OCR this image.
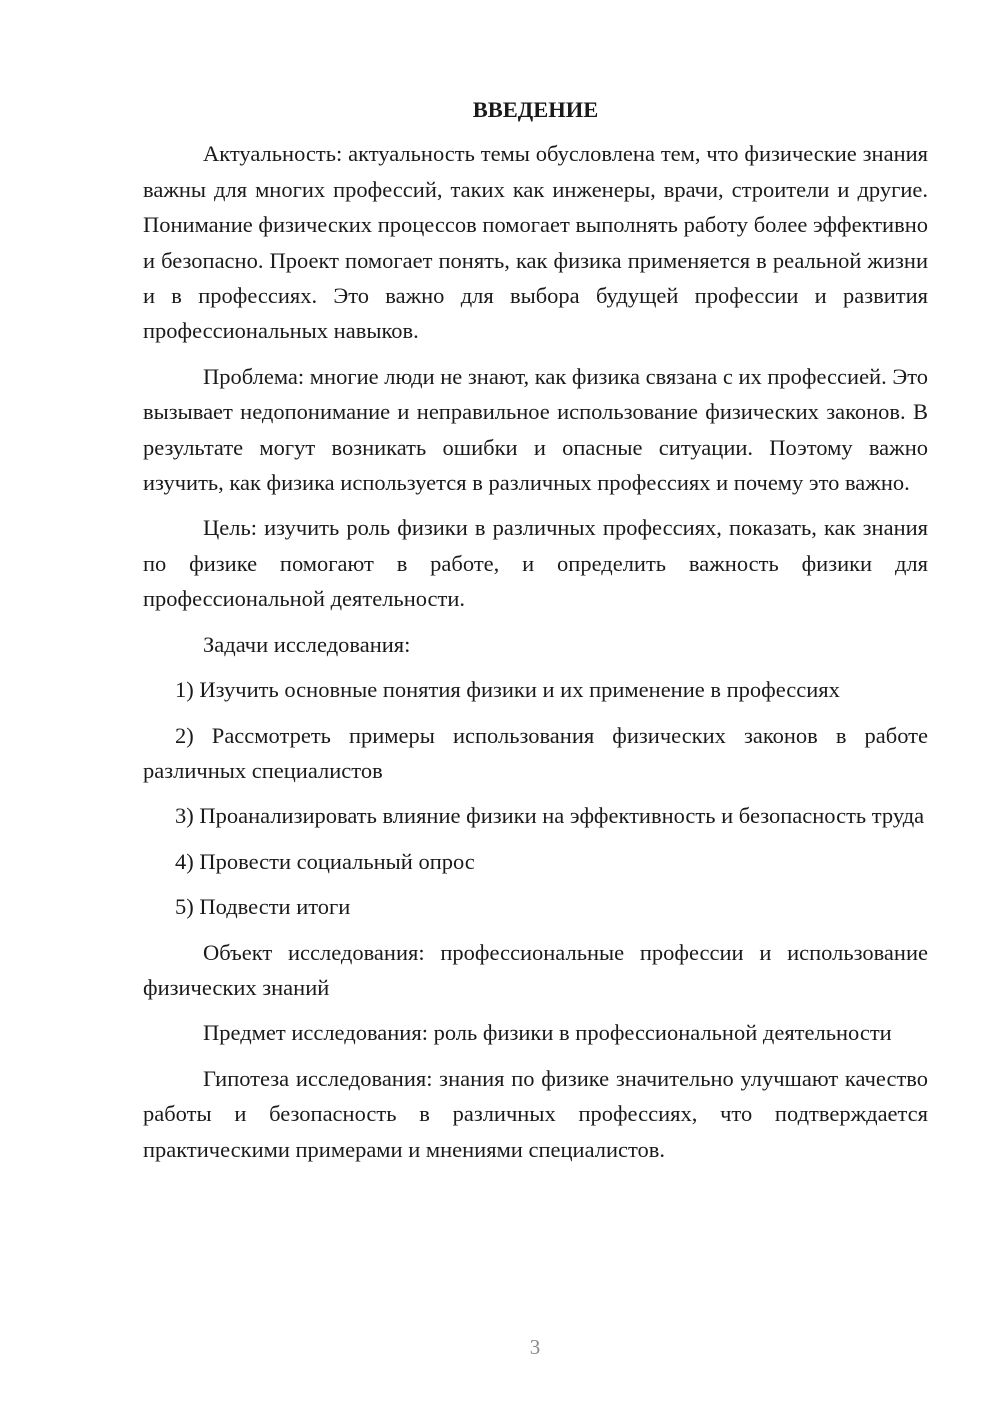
ВВЕДЕНИЕ

Актуальность: актуальность темы обусловлена тем, что физические знания важны для многих профессий, таких как инженеры, врачи, строители и другие. Понимание физических процессов помогает выполнять работу более эффективно и безопасно. Проект помогает понять, как физика применяется в реальной жизни и в профессиях. Это важно для выбора будущей профессии и развития профессиональных навыков.

Проблема: многие люди не знают, как физика связана с их профессией. Это вызывает недопонимание и неправильное использование физических законов. В результате могут возникать ошибки и опасные ситуации. Поэтому важно изучить, как физика используется в различных профессиях и почему это важно.

Цель: изучить роль физики в различных профессиях, показать, как знания по физике помогают в работе, и определить важность физики для профессиональной деятельности.

Задачи исследования:

1) Изучить основные понятия физики и их применение в профессиях

2) Рассмотреть примеры использования физических законов в работе различных специалистов

3) Проанализировать влияние физики на эффективность и безопасность труда

4) Провести социальный опрос

5) Подвести итоги

Объект исследования: профессиональные профессии и использование физических знаний

Предмет исследования: роль физики в профессиональной деятельности

Гипотеза исследования: знания по физике значительно улучшают качество работы и безопасность в различных профессиях, что подтверждается практическими примерами и мнениями специалистов.

3
